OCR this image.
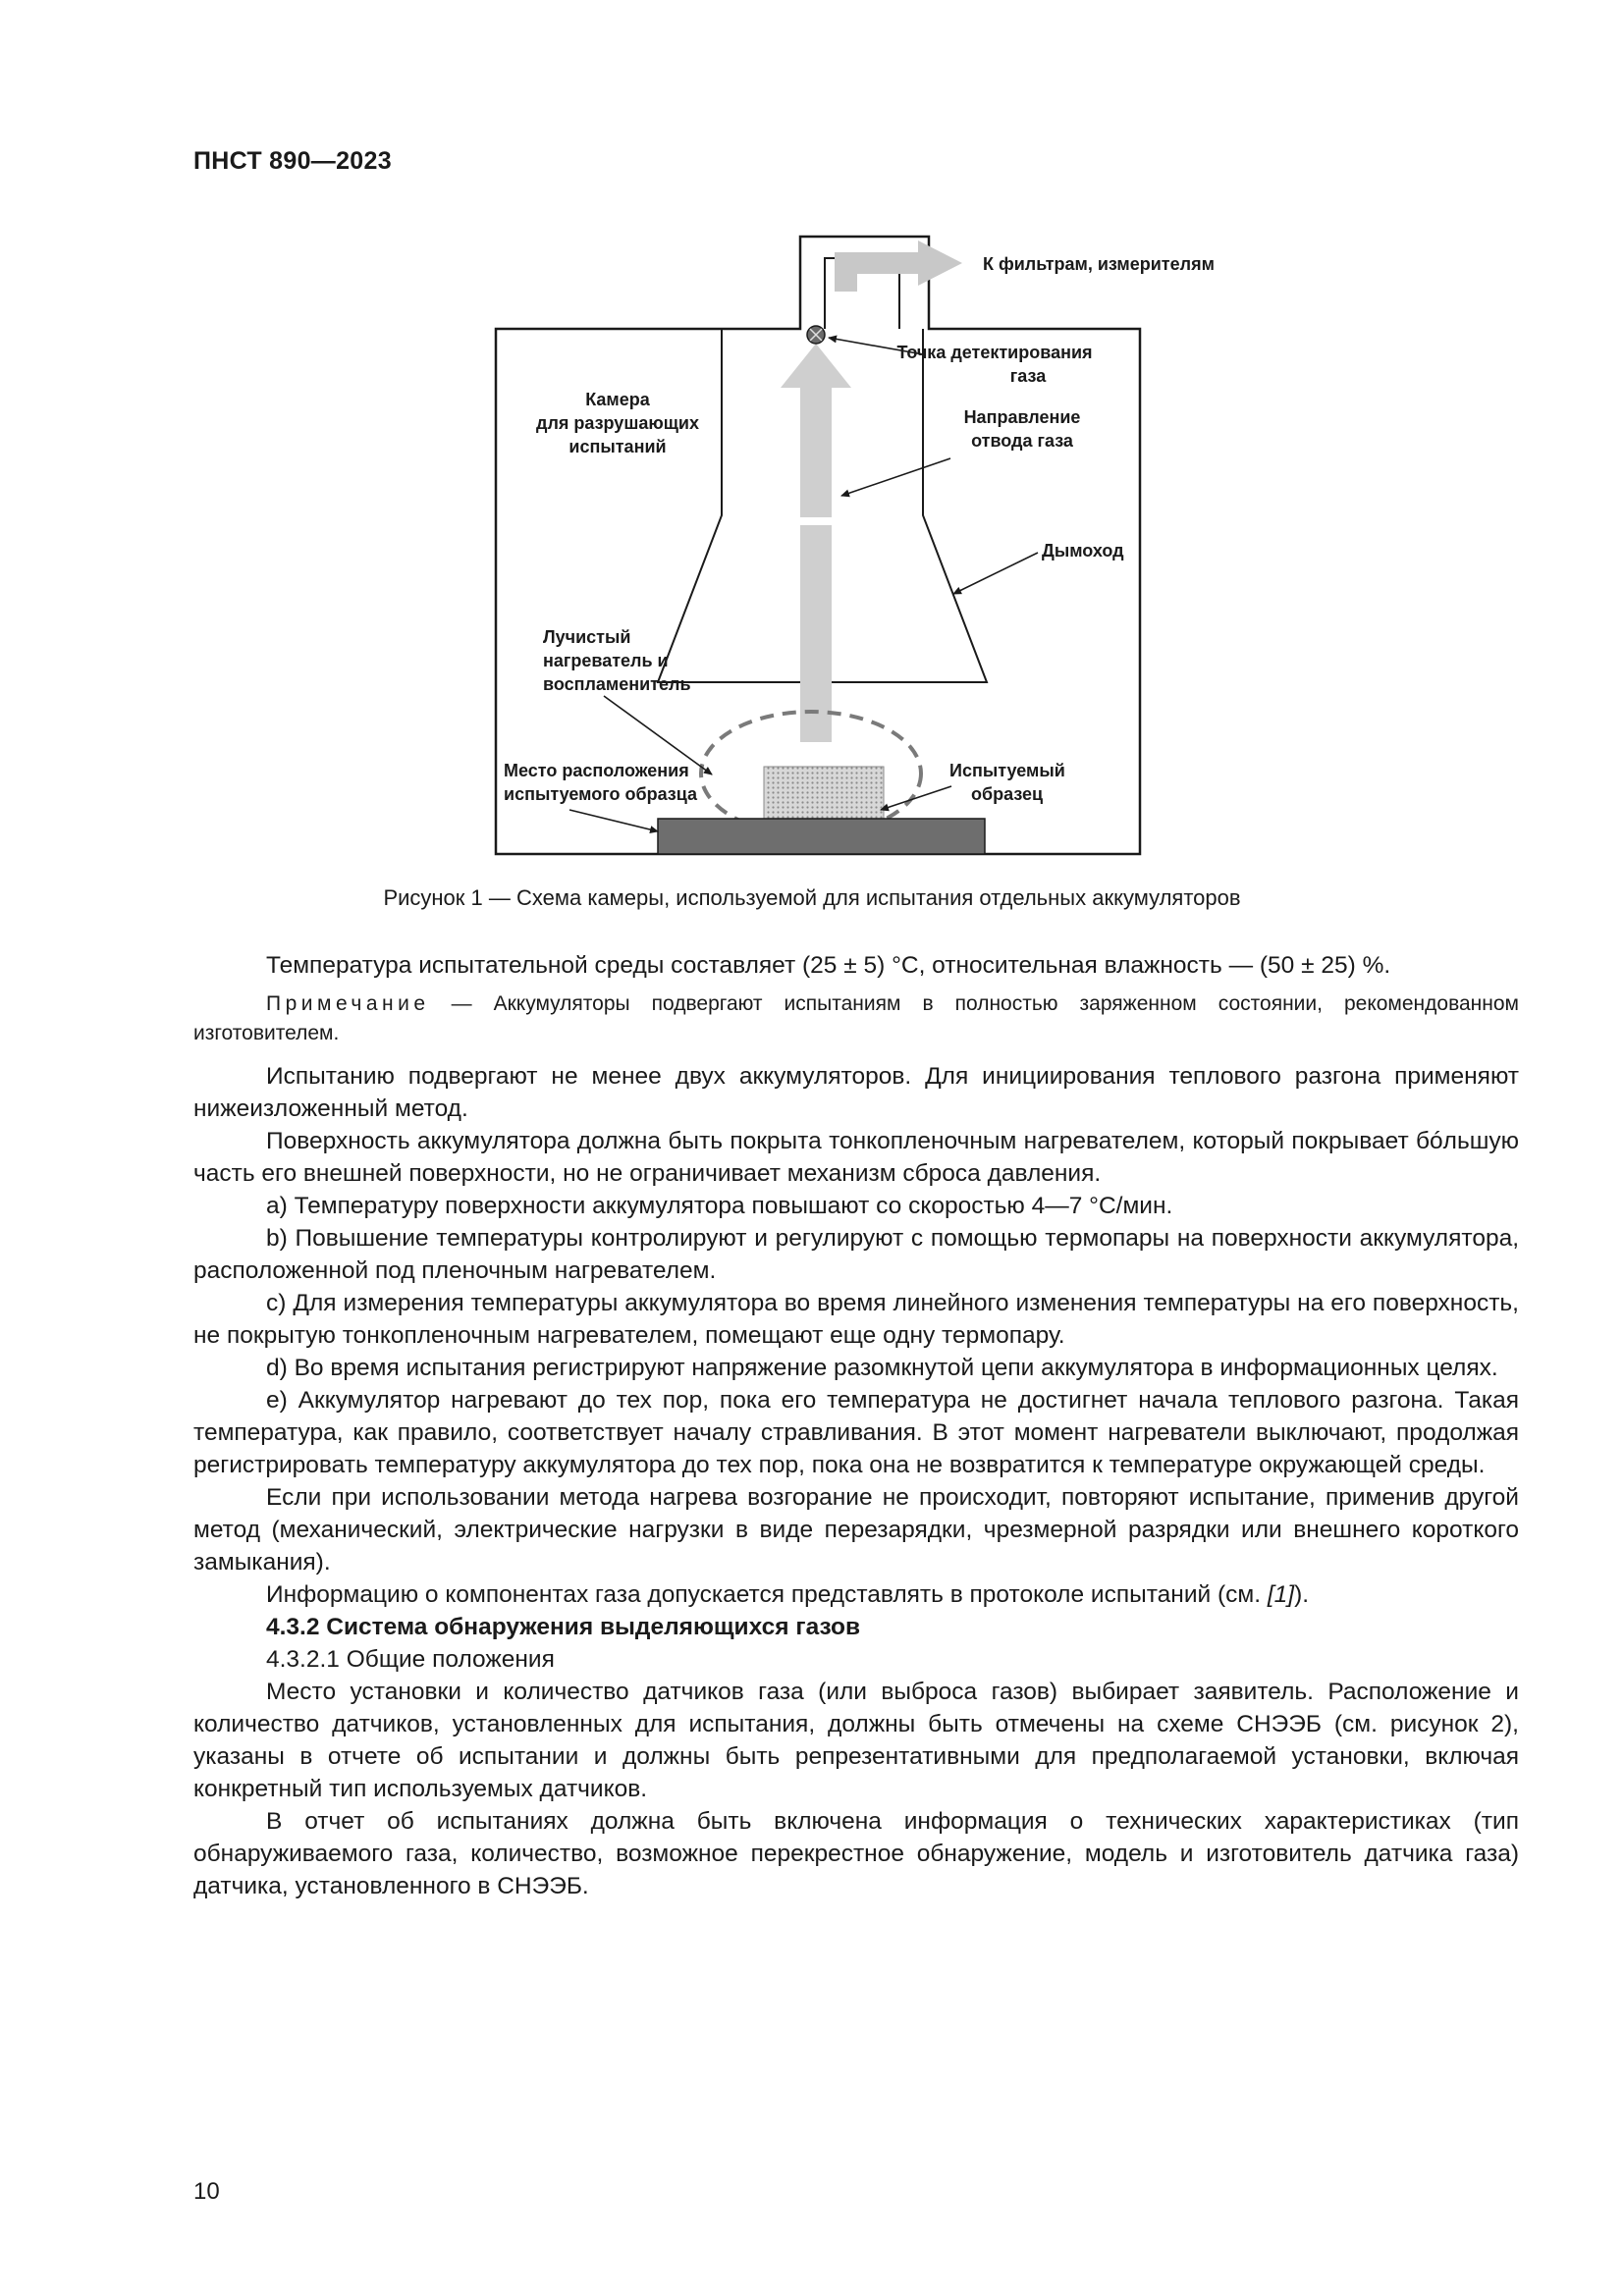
ПНСТ 890—2023
К фильтрам, измерителям
Точка детектирования
газа
Камера
для разрушающих
испытаний
Направление
отвода газа
Дымоход
Лучистый
нагреватель и
воспламенитель
Место расположения
испытуемого образца
Испытуемый
образец
Рисунок 1 — Схема камеры, используемой для испытания отдельных аккумуляторов

Температура испытательной среды составляет (25 ± 5) °С, относительная влажность — (50 ± 25) %.

Примечание — Аккумуляторы подвергают испытаниям в полностью заряженном состоянии, рекомендованном изготовителем.

Испытанию подвергают не менее двух аккумуляторов. Для инициирования теплового разгона применяют нижеизложенный метод.

Поверхность аккумулятора должна быть покрыта тонкопленочным нагревателем, который покрывает бóльшую часть его внешней поверхности, но не ограничивает механизм сброса давления.

a) Температуру поверхности аккумулятора повышают со скоростью 4—7 °С/мин.

b) Повышение температуры контролируют и регулируют с помощью термопары на поверхности аккумулятора, расположенной под пленочным нагревателем.

c) Для измерения температуры аккумулятора во время линейного изменения температуры на его поверхность, не покрытую тонкопленочным нагревателем, помещают еще одну термопару.

d) Во время испытания регистрируют напряжение разомкнутой цепи аккумулятора в информационных целях.

e) Аккумулятор нагревают до тех пор, пока его температура не достигнет начала теплового разгона. Такая температура, как правило, соответствует началу стравливания. В этот момент нагреватели выключают, продолжая регистрировать температуру аккумулятора до тех пор, пока она не возвратится к температуре окружающей среды.

Если при использовании метода нагрева возгорание не происходит, повторяют испытание, применив другой метод (механический, электрические нагрузки в виде перезарядки, чрезмерной разрядки или внешнего короткого замыкания).

Информацию о компонентах газа допускается представлять в протоколе испытаний (см. [1]).

4.3.2 Система обнаружения выделяющихся газов

4.3.2.1 Общие положения

Место установки и количество датчиков газа (или выброса газов) выбирает заявитель. Расположение и количество датчиков, установленных для испытания, должны быть отмечены на схеме СНЭЭБ (см. рисунок 2), указаны в отчете об испытании и должны быть репрезентативными для предполагаемой установки, включая конкретный тип используемых датчиков.

В отчет об испытаниях должна быть включена информация о технических характеристиках (тип обнаруживаемого газа, количество, возможное перекрестное обнаружение, модель и изготовитель датчика газа) датчика, установленного в СНЭЭБ.

10
